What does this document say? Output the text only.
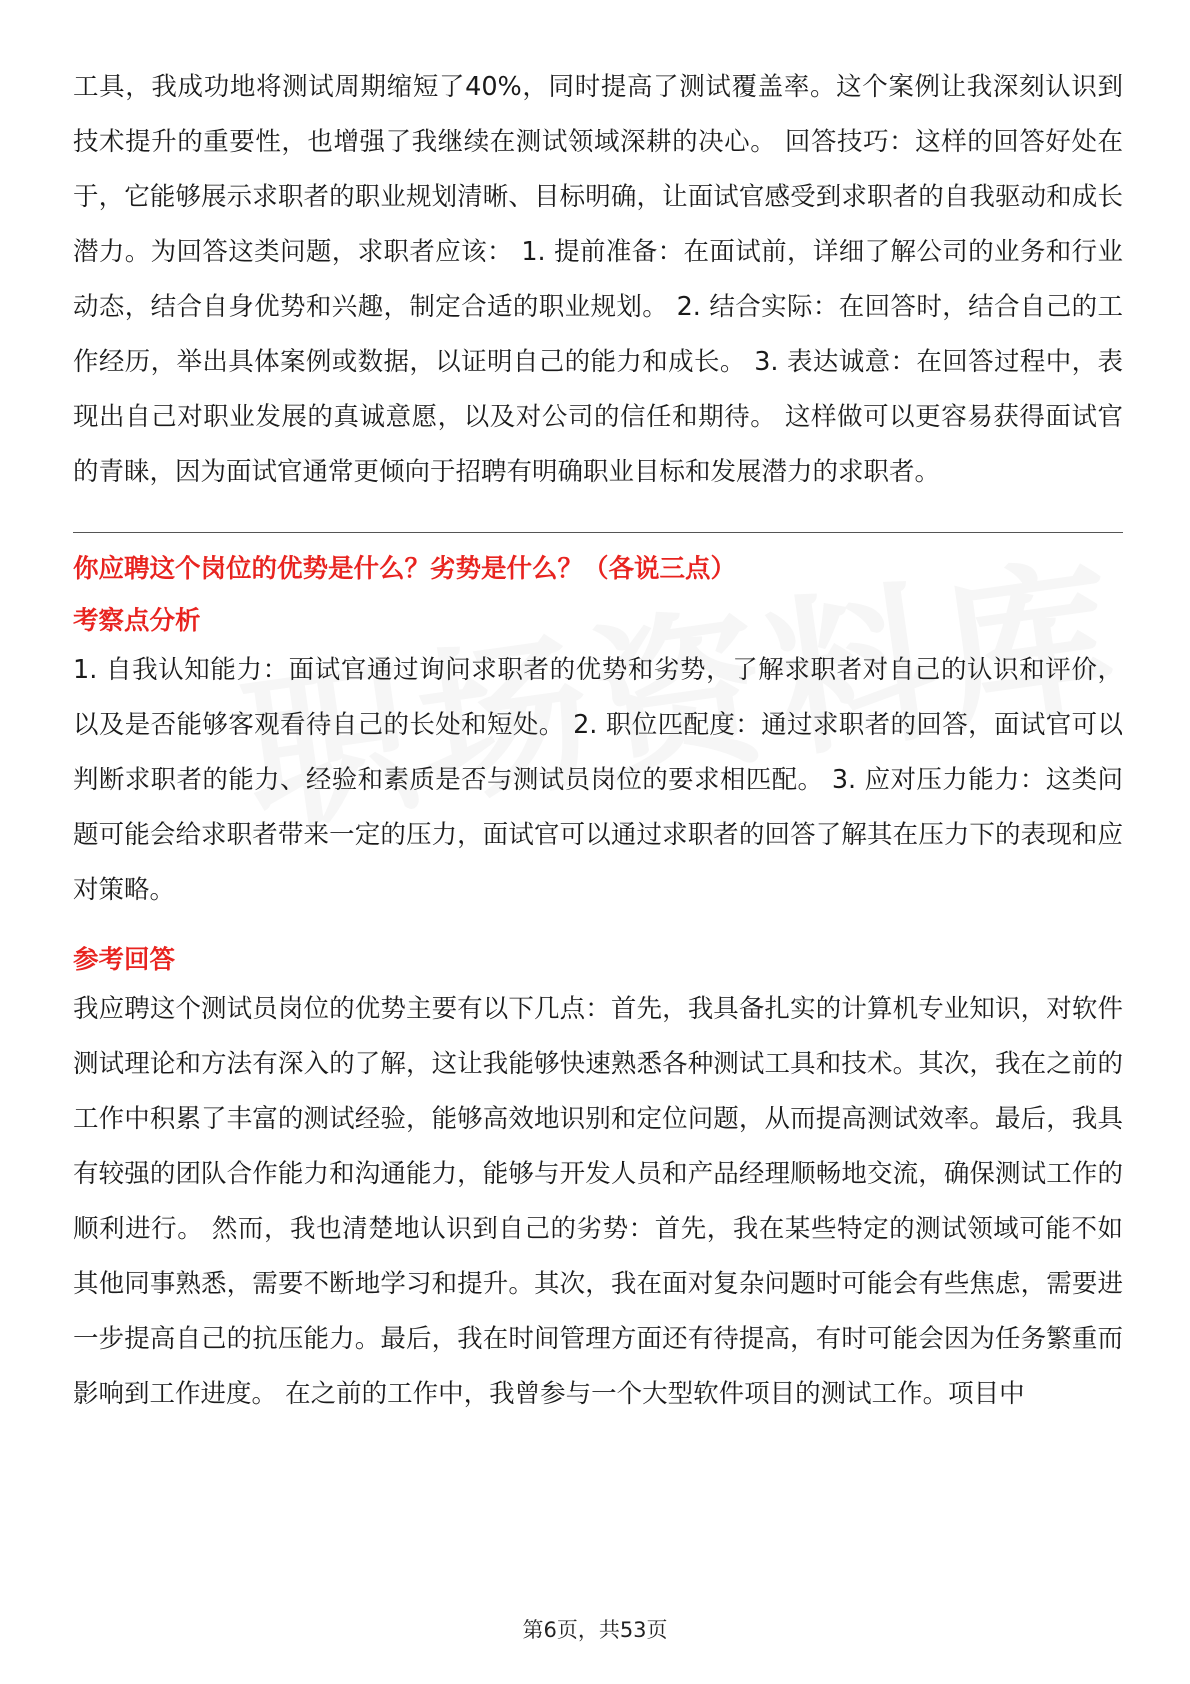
工具，我成功地将测试周期缩短了40%，同时提高了测试覆盖率。这个案例让我深刻认识到技术提升的重要性，也增强了我继续在测试领域深耕的决心。 回答技巧：这样的回答好处在于，它能够展示求职者的职业规划清晰、目标明确，让面试官感受到求职者的自我驱动和成长潜力。为回答这类问题，求职者应该： 1. 提前准备：在面试前，详细了解公司的业务和行业动态，结合自身优势和兴趣，制定合适的职业规划。 2. 结合实际：在回答时，结合自己的工作经历，举出具体案例或数据，以证明自己的能力和成长。 3. 表达诚意：在回答过程中，表现出自己对职业发展的真诚意愿，以及对公司的信任和期待。 这样做可以更容易获得面试官的青睐，因为面试官通常更倾向于招聘有明确职业目标和发展潜力的求职者。

你应聘这个岗位的优势是什么？劣势是什么？（各说三点）
考察点分析

1. 自我认知能力：面试官通过询问求职者的优势和劣势，了解求职者对自己的认识和评价，以及是否能够客观看待自己的长处和短处。 2. 职位匹配度：通过求职者的回答，面试官可以判断求职者的能力、经验和素质是否与测试员岗位的要求相匹配。 3. 应对压力能力：这类问题可能会给求职者带来一定的压力，面试官可以通过求职者的回答了解其在压力下的表现和应对策略。

参考回答

我应聘这个测试员岗位的优势主要有以下几点：首先，我具备扎实的计算机专业知识，对软件测试理论和方法有深入的了解，这让我能够快速熟悉各种测试工具和技术。其次，我在之前的工作中积累了丰富的测试经验，能够高效地识别和定位问题，从而提高测试效率。最后，我具有较强的团队合作能力和沟通能力，能够与开发人员和产品经理顺畅地交流，确保测试工作的顺利进行。 然而，我也清楚地认识到自己的劣势：首先，我在某些特定的测试领域可能不如其他同事熟悉，需要不断地学习和提升。其次，我在面对复杂问题时可能会有些焦虑，需要进一步提高自己的抗压能力。最后，我在时间管理方面还有待提高，有时可能会因为任务繁重而影响到工作进度。 在之前的工作中，我曾参与一个大型软件项目的测试工作。项目中

第6页，共53页
